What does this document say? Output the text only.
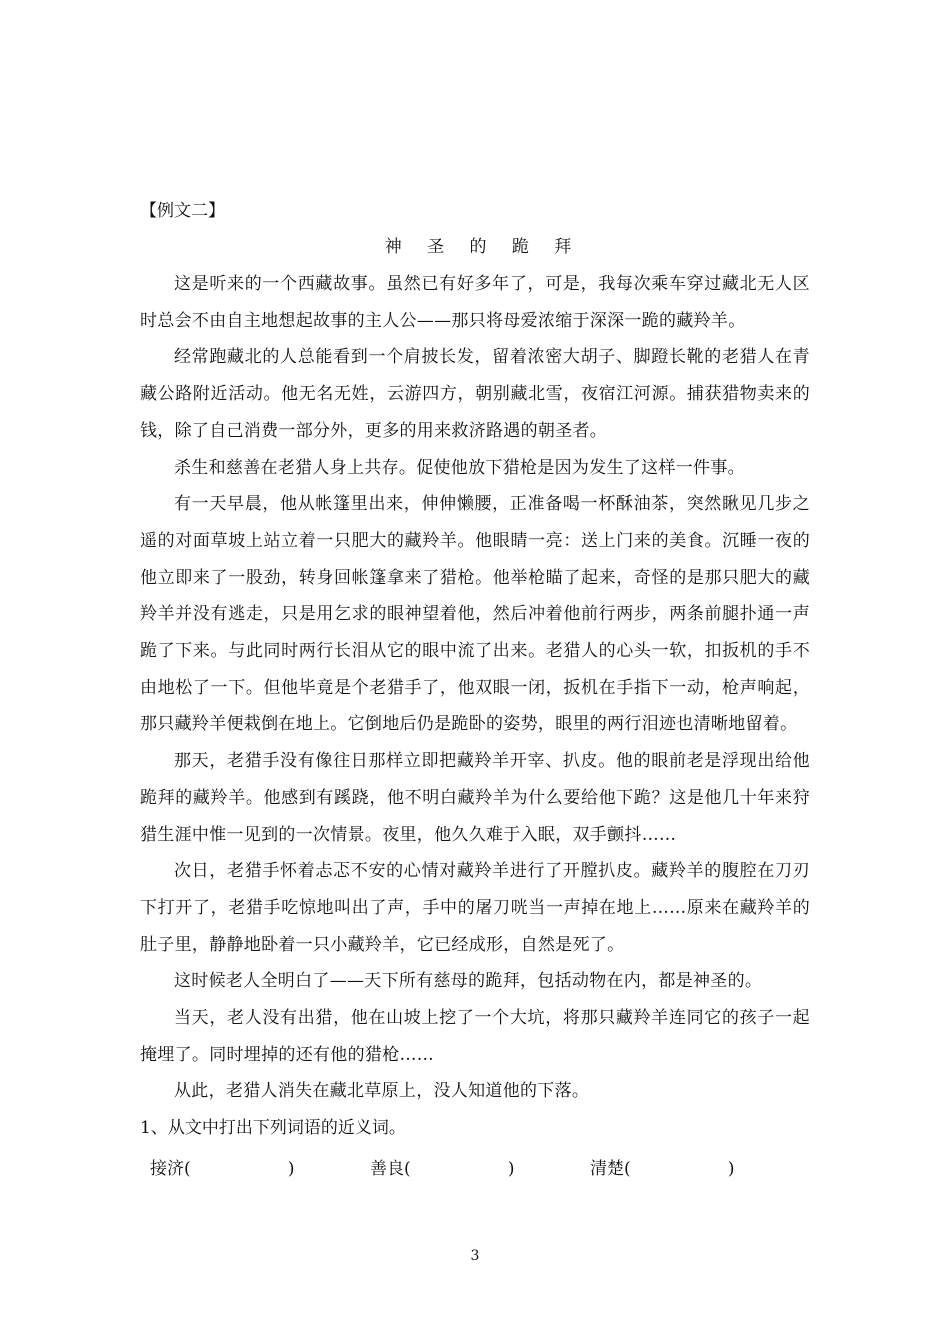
【例文二】
神 圣 的 跪 拜

这是听来的一个西藏故事。虽然已有好多年了，可是，我每次乘车穿过藏北无人区时总会不由自主地想起故事的主人公——那只将母爱浓缩于深深一跪的藏羚羊。

经常跑藏北的人总能看到一个肩披长发，留着浓密大胡子、脚蹬长靴的老猎人在青藏公路附近活动。他无名无姓，云游四方，朝别藏北雪，夜宿江河源。捕获猎物卖来的钱，除了自己消费一部分外，更多的用来救济路遇的朝圣者。

杀生和慈善在老猎人身上共存。促使他放下猎枪是因为发生了这样一件事。

有一天早晨，他从帐篷里出来，伸伸懒腰，正准备喝一杯酥油茶，突然瞅见几步之遥的对面草坡上站立着一只肥大的藏羚羊。他眼睛一亮：送上门来的美食。沉睡一夜的他立即来了一股劲，转身回帐篷拿来了猎枪。他举枪瞄了起来，奇怪的是那只肥大的藏羚羊并没有逃走，只是用乞求的眼神望着他，然后冲着他前行两步，两条前腿扑通一声跪了下来。与此同时两行长泪从它的眼中流了出来。老猎人的心头一软，扣扳机的手不由地松了一下。但他毕竟是个老猎手了，他双眼一闭，扳机在手指下一动，枪声响起，那只藏羚羊便栽倒在地上。它倒地后仍是跪卧的姿势，眼里的两行泪迹也清晰地留着。

那天，老猎手没有像往日那样立即把藏羚羊开宰、扒皮。他的眼前老是浮现出给他跪拜的藏羚羊。他感到有蹊跷，他不明白藏羚羊为什么要给他下跪？这是他几十年来狩猎生涯中惟一见到的一次情景。夜里，他久久难于入眠，双手颤抖……

次日，老猎手怀着忐忑不安的心情对藏羚羊进行了开膛扒皮。藏羚羊的腹腔在刀刃下打开了，老猎手吃惊地叫出了声，手中的屠刀咣当一声掉在地上……原来在藏羚羊的肚子里，静静地卧着一只小藏羚羊，它已经成形，自然是死了。

这时候老人全明白了——天下所有慈母的跪拜，包括动物在内，都是神圣的。

当天，老人没有出猎，他在山坡上挖了一个大坑，将那只藏羚羊连同它的孩子一起掩埋了。同时埋掉的还有他的猎枪……

从此，老猎人消失在藏北草原上，没人知道他的下落。

1、从文中打出下列词语的近义词。

接济(                  )	善良(                  )	清楚(                  )
3
